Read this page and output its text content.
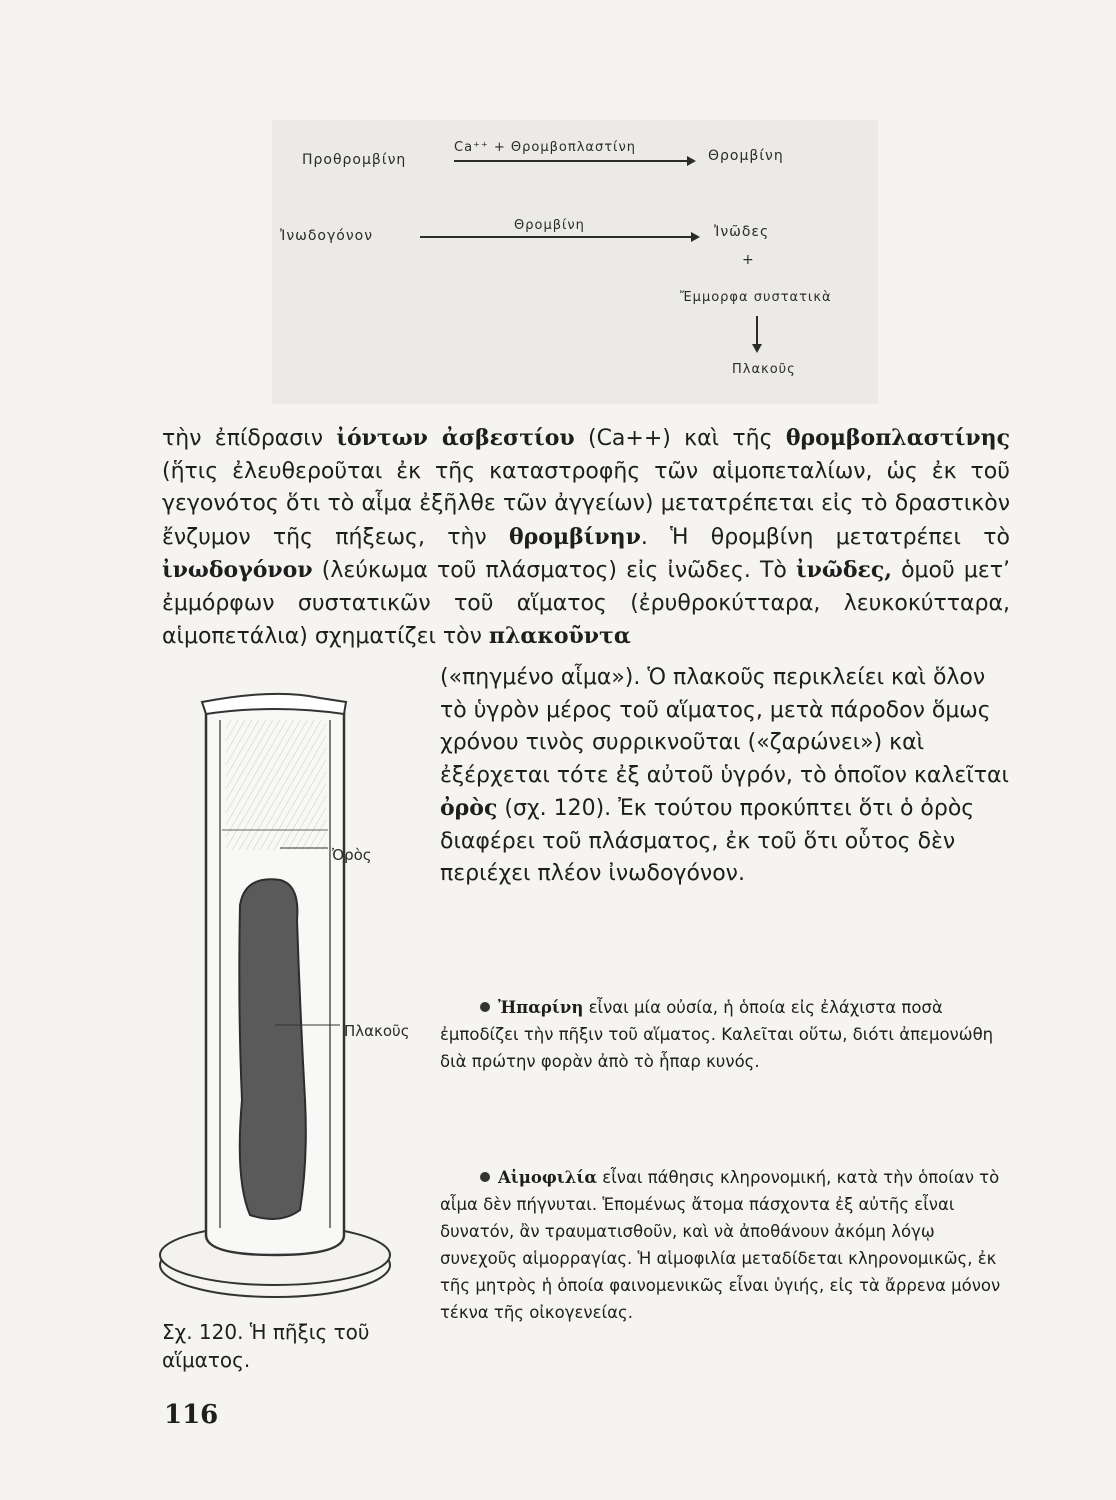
Προθρομβίνη
Ca⁺⁺ + Θρομβοπλαστίνη
Θρομβίνη
Ἰνωδογόνον
Θρομβίνη	Ἰνῶδες
+
Ἔμμορφα συστατικὰ
Πλακοῦς

τὴν ἐπίδρασιν ἰόντων ἀσβεστίου (Ca++) καὶ τῆς θρομβοπλαστίνης (ἥτις ἐλευθεροῦται ἐκ τῆς καταστροφῆς τῶν αἱμοπεταλίων, ὡς ἐκ τοῦ γεγονότος ὅτι τὸ αἷμα ἐξῆλθε τῶν ἀγγείων) μετατρέπεται εἰς τὸ δραστικὸν ἔνζυμον τῆς πήξεως, τὴν θρομβίνην. Ἡ θρομβίνη μετατρέπει τὸ ἰνωδογόνον (λεύκωμα τοῦ πλάσματος) εἰς ἰνῶδες. Τὸ ἰνῶδες, ὁμοῦ μετ’ ἐμμόρφων συστατικῶν τοῦ αἵματος (ἐρυθροκύτταρα, λευκοκύτταρα, αἱμοπετάλια) σχηματίζει τὸν πλακοῦντα

(«πηγμένο αἷμα»). Ὁ πλακοῦς περικλείει καὶ ὅλον τὸ ὑγρὸν μέρος τοῦ αἵματος, μετὰ πάροδον ὅμως χρόνου τινὸς συρρικνοῦται («ζαρώνει») καὶ ἐξέρχεται τότε ἐξ αὐτοῦ ὑγρόν, τὸ ὁποῖον καλεῖται ὀρὸς (σχ. 120). Ἐκ τούτου προκύπτει ὅτι ὁ ὀρὸς διαφέρει τοῦ πλάσματος, ἐκ τοῦ ὅτι οὗτος δὲν περιέχει πλέον ἰνωδογόνον.

Ἠπαρίνη εἶναι μία οὐσία, ἡ ὁποία εἰς ἐλάχιστα ποσὰ ἐμποδίζει τὴν πῆξιν τοῦ αἵματος. Καλεῖται οὕτω, διότι ἀπεμονώθη διὰ πρώτην φορὰν ἀπὸ τὸ ἧπαρ κυνός.

Αἱμοφιλία εἶναι πάθησις κληρονομική, κατὰ τὴν ὁποίαν τὸ αἷμα δὲν πήγνυται. Ἑπομένως ἄτομα πάσχοντα ἐξ αὐτῆς εἶναι δυνατόν, ἂν τραυματισθοῦν, καὶ νὰ ἀποθάνουν ἀκόμη λόγῳ συνεχοῦς αἱμορραγίας. Ἡ αἱμοφιλία μεταδίδεται κληρονομικῶς, ἐκ τῆς μητρὸς ἡ ὁποία φαινομενικῶς εἶναι ὑγιής, εἰς τὰ ἄρρενα μόνον τέκνα τῆς οἰκογενείας.

Ὀρὸς
Πλακοῦς

Σχ. 120. Ἡ πῆξις τοῦ αἵματος.

116
